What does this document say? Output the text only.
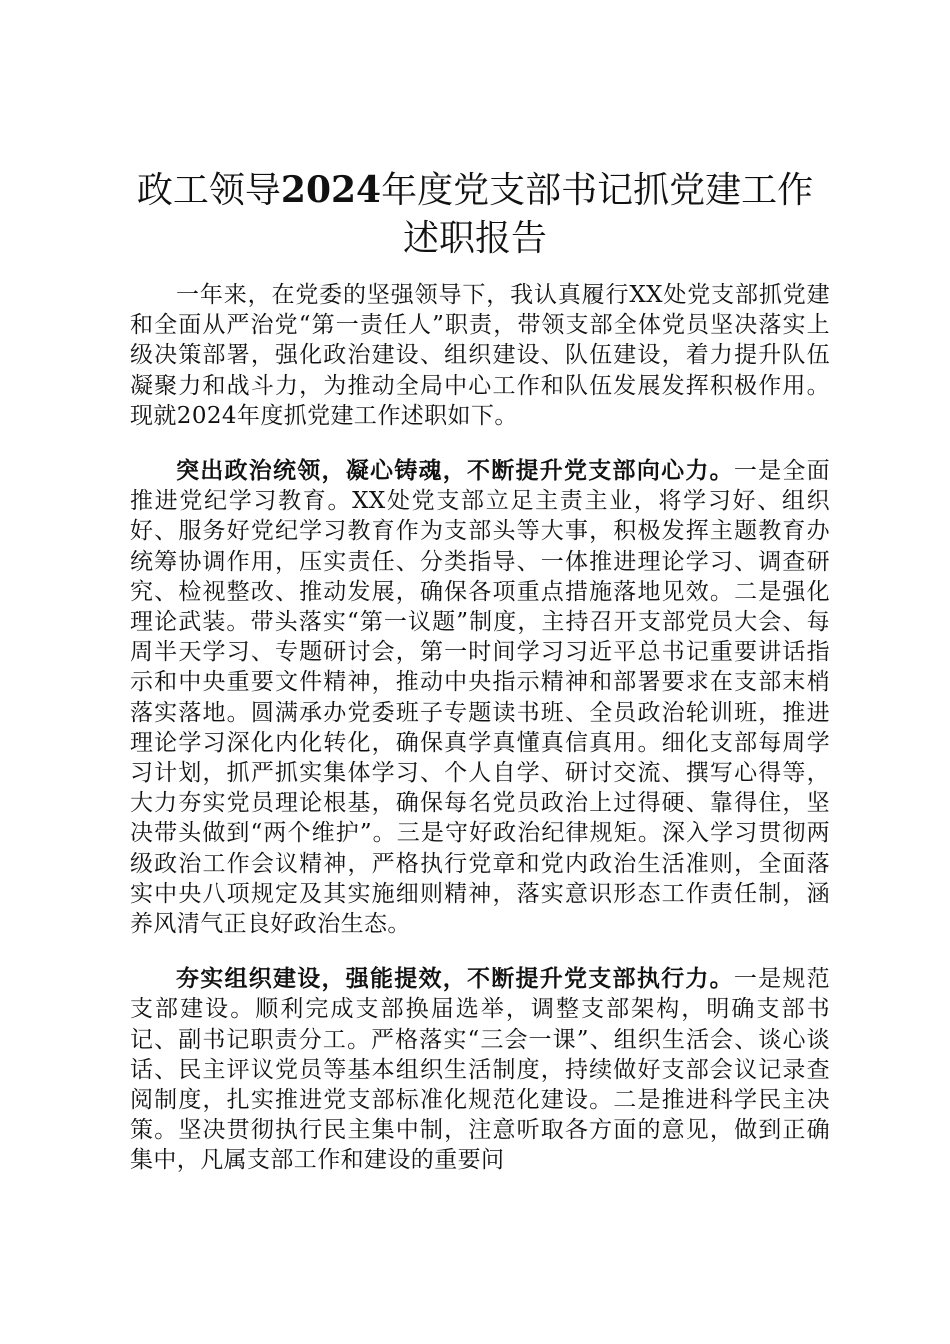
政工领导2024年度党支部书记抓党建工作述职报告

一年来，在党委的坚强领导下，我认真履行XX处党支部抓党建和全面从严治党“第一责任人”职责，带领支部全体党员坚决落实上级决策部署，强化政治建设、组织建设、队伍建设，着力提升队伍凝聚力和战斗力，为推动全局中心工作和队伍发展发挥积极作用。现就2024年度抓党建工作述职如下。

突出政治统领，凝心铸魂，不断提升党支部向心力。一是全面推进党纪学习教育。XX处党支部立足主责主业，将学习好、组织好、服务好党纪学习教育作为支部头等大事，积极发挥主题教育办统筹协调作用，压实责任、分类指导、一体推进理论学习、调查研究、检视整改、推动发展，确保各项重点措施落地见效。二是强化理论武装。带头落实“第一议题”制度，主持召开支部党员大会、每周半天学习、专题研讨会，第一时间学习习近平总书记重要讲话指示和中央重要文件精神，推动中央指示精神和部署要求在支部末梢落实落地。圆满承办党委班子专题读书班、全员政治轮训班，推进理论学习深化内化转化，确保真学真懂真信真用。细化支部每周学习计划，抓严抓实集体学习、个人自学、研讨交流、撰写心得等，大力夯实党员理论根基，确保每名党员政治上过得硬、靠得住，坚决带头做到“两个维护”。三是守好政治纪律规矩。深入学习贯彻两级政治工作会议精神，严格执行党章和党内政治生活准则，全面落实中央八项规定及其实施细则精神，落实意识形态工作责任制，涵养风清气正良好政治生态。

夯实组织建设，强能提效，不断提升党支部执行力。一是规范支部建设。顺利完成支部换届选举，调整支部架构，明确支部书记、副书记职责分工。严格落实“三会一课”、组织生活会、谈心谈话、民主评议党员等基本组织生活制度，持续做好支部会议记录查阅制度，扎实推进党支部标准化规范化建设。二是推进科学民主决策。坚决贯彻执行民主集中制，注意听取各方面的意见，做到正确集中，凡属支部工作和建设的重要问
